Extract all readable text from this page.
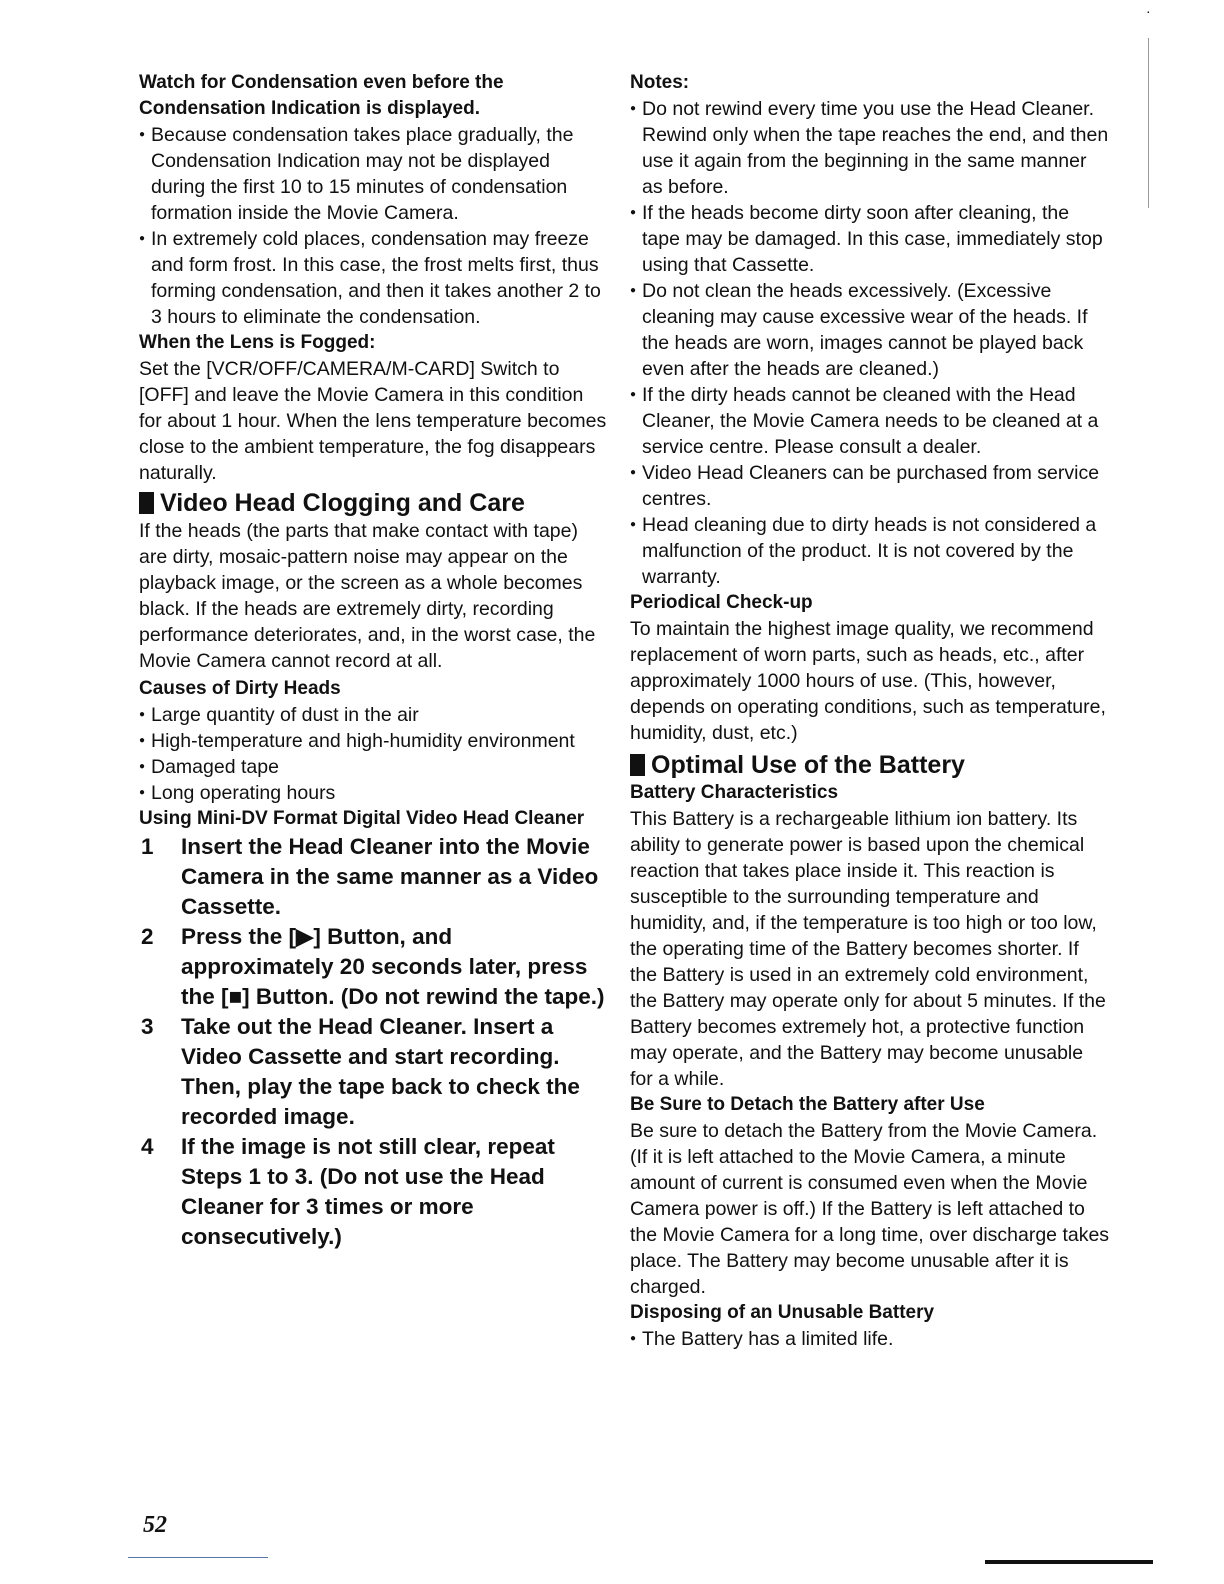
․

Watch for Condensation even before the

Condensation Indication is displayed.

● Because condensation takes place gradually, the Condensation Indication may not be displayed during the first 10 to 15 minutes of condensation formation inside the Movie Camera.
● In extremely cold places, condensation may freeze and form frost. In this case, the frost melts first, thus forming condensation, and then it takes another 2 to 3 hours to eliminate the condensation.

When the Lens is Fogged:

Set the [VCR/OFF/CAMERA/M-CARD] Switch to [OFF] and leave the Movie Camera in this condition for about 1 hour. When the lens temperature becomes close to the ambient temperature, the fog disappears naturally.

Video Head Clogging and Care

If the heads (the parts that make contact with tape) are dirty, mosaic-pattern noise may appear on the playback image, or the screen as a whole becomes black. If the heads are extremely dirty, recording performance deteriorates, and, in the worst case, the Movie Camera cannot record at all.

Causes of Dirty Heads

● Large quantity of dust in the air
● High-temperature and high-humidity environment
● Damaged tape
● Long operating hours

Using Mini-DV Format Digital Video Head Cleaner

1	Insert the Head Cleaner into the Movie Camera in the same manner as a Video Cassette.
2	Press the [▶] Button, and approximately 20 seconds later, press the [■] Button. (Do not rewind the tape.)
3	Take out the Head Cleaner. Insert a Video Cassette and start recording. Then, play the tape back to check the recorded image.
4	If the image is not still clear, repeat Steps 1 to 3. (Do not use the Head Cleaner for 3 times or more consecutively.)

Notes:

● Do not rewind every time you use the Head Cleaner. Rewind only when the tape reaches the end, and then use it again from the beginning in the same manner as before.
● If the heads become dirty soon after cleaning, the tape may be damaged. In this case, immediately stop using that Cassette.
● Do not clean the heads excessively. (Excessive cleaning may cause excessive wear of the heads. If the heads are worn, images cannot be played back even after the heads are cleaned.)
● If the dirty heads cannot be cleaned with the Head Cleaner, the Movie Camera needs to be cleaned at a service centre. Please consult a dealer.
● Video Head Cleaners can be purchased from service centres.
● Head cleaning due to dirty heads is not considered a malfunction of the product. It is not covered by the warranty.

Periodical Check-up

To maintain the highest image quality, we recommend replacement of worn parts, such as heads, etc., after approximately 1000 hours of use. (This, however, depends on operating conditions, such as temperature, humidity, dust, etc.)

Optimal Use of the Battery

Battery Characteristics

This Battery is a rechargeable lithium ion battery. Its ability to generate power is based upon the chemical reaction that takes place inside it. This reaction is susceptible to the surrounding temperature and humidity, and, if the temperature is too high or too low, the operating time of the Battery becomes shorter. If the Battery is used in an extremely cold environment, the Battery may operate only for about 5 minutes. If the Battery becomes extremely hot, a protective function may operate, and the Battery may become unusable for a while.

Be Sure to Detach the Battery after Use

Be sure to detach the Battery from the Movie Camera. (If it is left attached to the Movie Camera, a minute amount of current is consumed even when the Movie Camera power is off.) If the Battery is left attached to the Movie Camera for a long time, over discharge takes place. The Battery may become unusable after it is charged.

Disposing of an Unusable Battery

● The Battery has a limited life.
52
